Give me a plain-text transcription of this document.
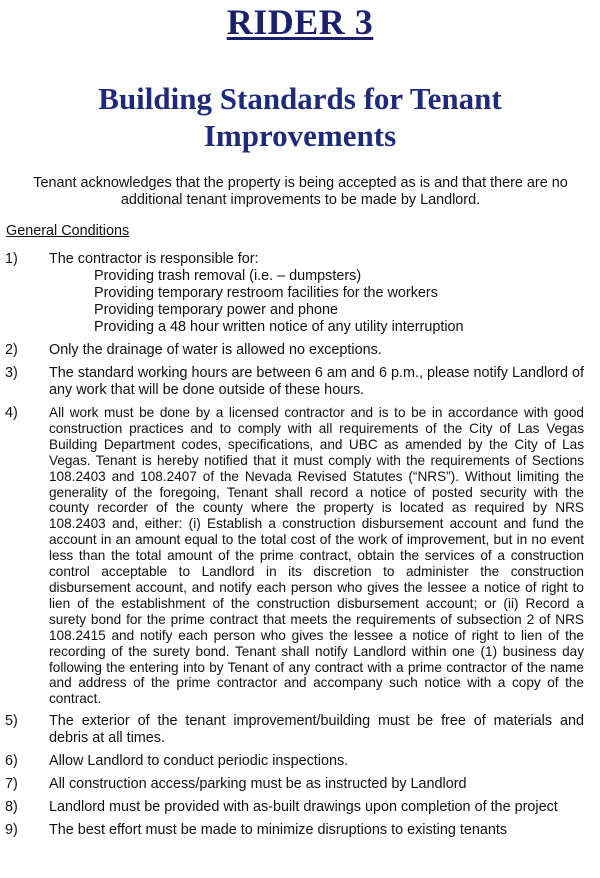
RIDER 3
Building Standards for Tenant Improvements
Tenant acknowledges that the property is being accepted as is and that there are no additional tenant improvements to be made by Landlord.
General Conditions
1) The contractor is responsible for:
Providing trash removal (i.e. – dumpsters)
Providing temporary restroom facilities for the workers
Providing temporary power and phone
Providing a 48 hour written notice of any utility interruption
2) Only the drainage of water is allowed no exceptions.
3) The standard working hours are between 6 am and 6 p.m., please notify Landlord of any work that will be done outside of these hours.
4) All work must be done by a licensed contractor and is to be in accordance with good construction practices and to comply with all requirements of the City of Las Vegas Building Department codes, specifications, and UBC as amended by the City of Las Vegas. Tenant is hereby notified that it must comply with the requirements of Sections 108.2403 and 108.2407 of the Nevada Revised Statutes (“NRS”). Without limiting the generality of the foregoing, Tenant shall record a notice of posted security with the county recorder of the county where the property is located as required by NRS 108.2403 and, either: (i) Establish a construction disbursement account and fund the account in an amount equal to the total cost of the work of improvement, but in no event less than the total amount of the prime contract, obtain the services of a construction control acceptable to Landlord in its discretion to administer the construction disbursement account, and notify each person who gives the lessee a notice of right to lien of the establishment of the construction disbursement account; or (ii) Record a surety bond for the prime contract that meets the requirements of subsection 2 of NRS 108.2415 and notify each person who gives the lessee a notice of right to lien of the recording of the surety bond. Tenant shall notify Landlord within one (1) business day following the entering into by Tenant of any contract with a prime contractor of the name and address of the prime contractor and accompany such notice with a copy of the contract.
5) The exterior of the tenant improvement/building must be free of materials and debris at all times.
6) Allow Landlord to conduct periodic inspections.
7) All construction access/parking must be as instructed by Landlord
8) Landlord must be provided with as-built drawings upon completion of the project
9) The best effort must be made to minimize disruptions to existing tenants
